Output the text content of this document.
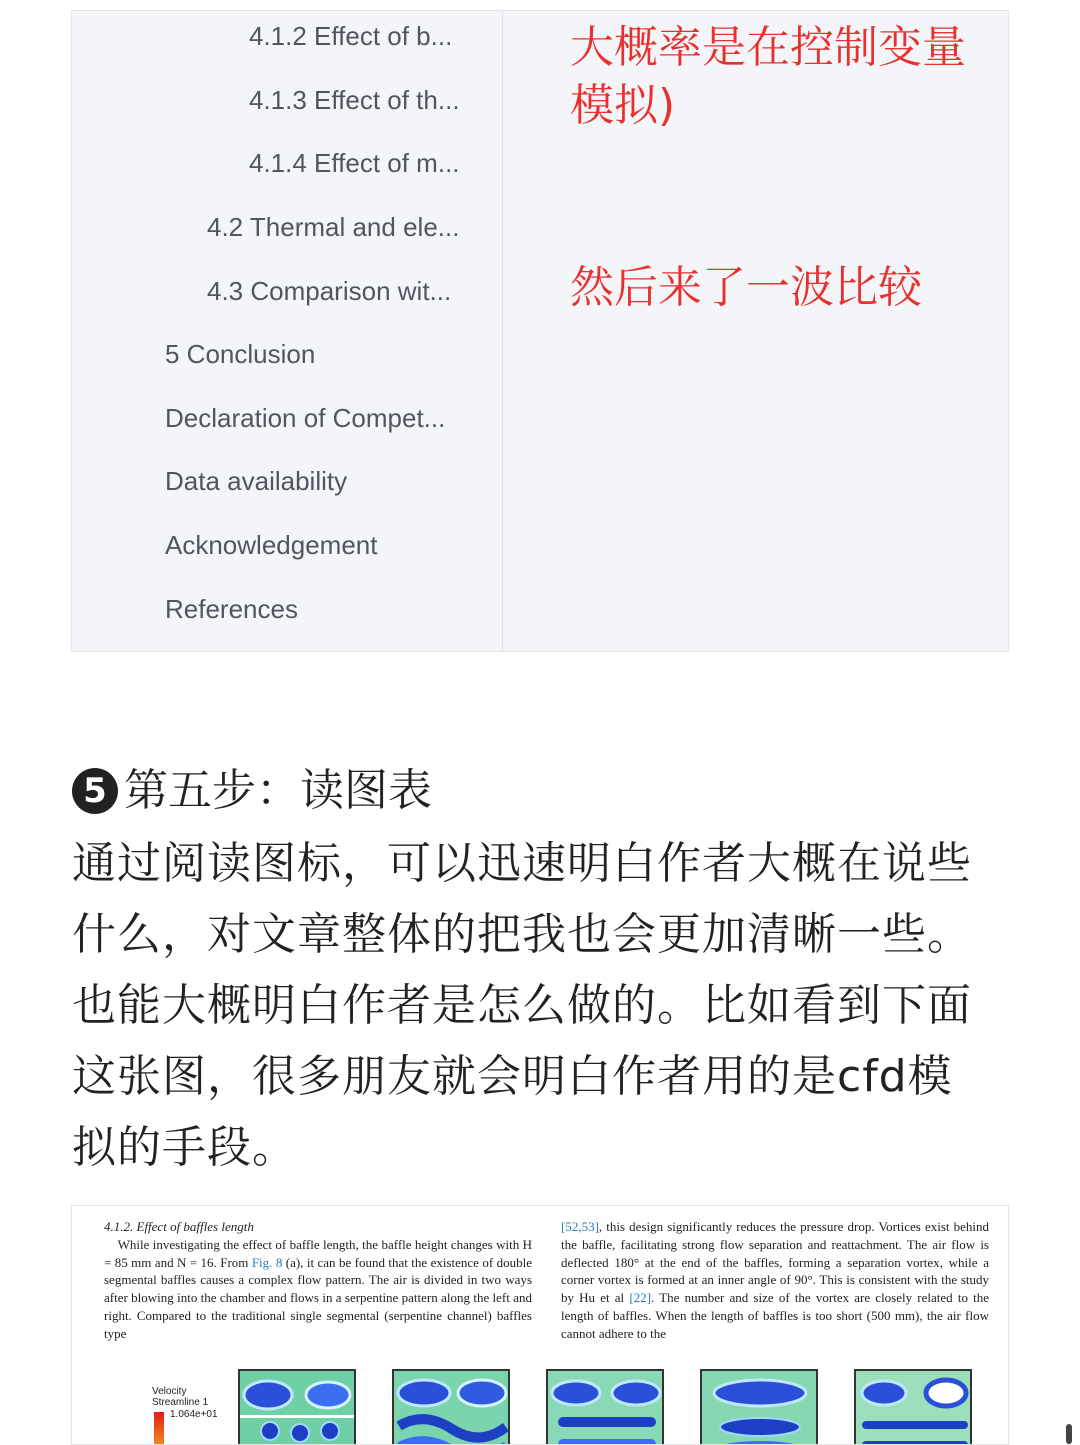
4.1.2 Effect of b...
4.1.3 Effect of th...
4.1.4 Effect of m...
4.2 Thermal and ele...
4.3 Comparison wit...
5 Conclusion
Declaration of Compet...
Data availability
Acknowledgement
References
大概率是在控制变量模拟)
然后来了一波比较
5 第五步：读图表
通过阅读图标，可以迅速明白作者大概在说些什么，对文章整体的把我也会更加清晰一些。也能大概明白作者是怎么做的。比如看到下面这张图，很多朋友就会明白作者用的是cfd模拟的手段。
4.1.2. Effect of baffles length
While investigating the effect of baffle length, the baffle height changes with H = 85 mm and N = 16. From Fig. 8 (a), it can be found that the existence of double segmental baffles causes a complex flow pattern. The air is divided in two ways after blowing into the chamber and flows in a serpentine pattern along the left and right. Compared to the traditional single segmental (serpentine channel) baffles type
[52,53], this design significantly reduces the pressure drop. Vortices exist behind the baffle, facilitating strong flow separation and reattachment. The air flow is deflected 180° at the end of the baffles, forming a separation vortex, while a corner vortex is formed at an inner angle of 90°. This is consistent with the study by Hu et al [22]. The number and size of the vortex are closely related to the length of baffles. When the length of baffles is too short (500 mm), the air flow cannot adhere to the
Velocity
Streamline 1
1.064e+01
